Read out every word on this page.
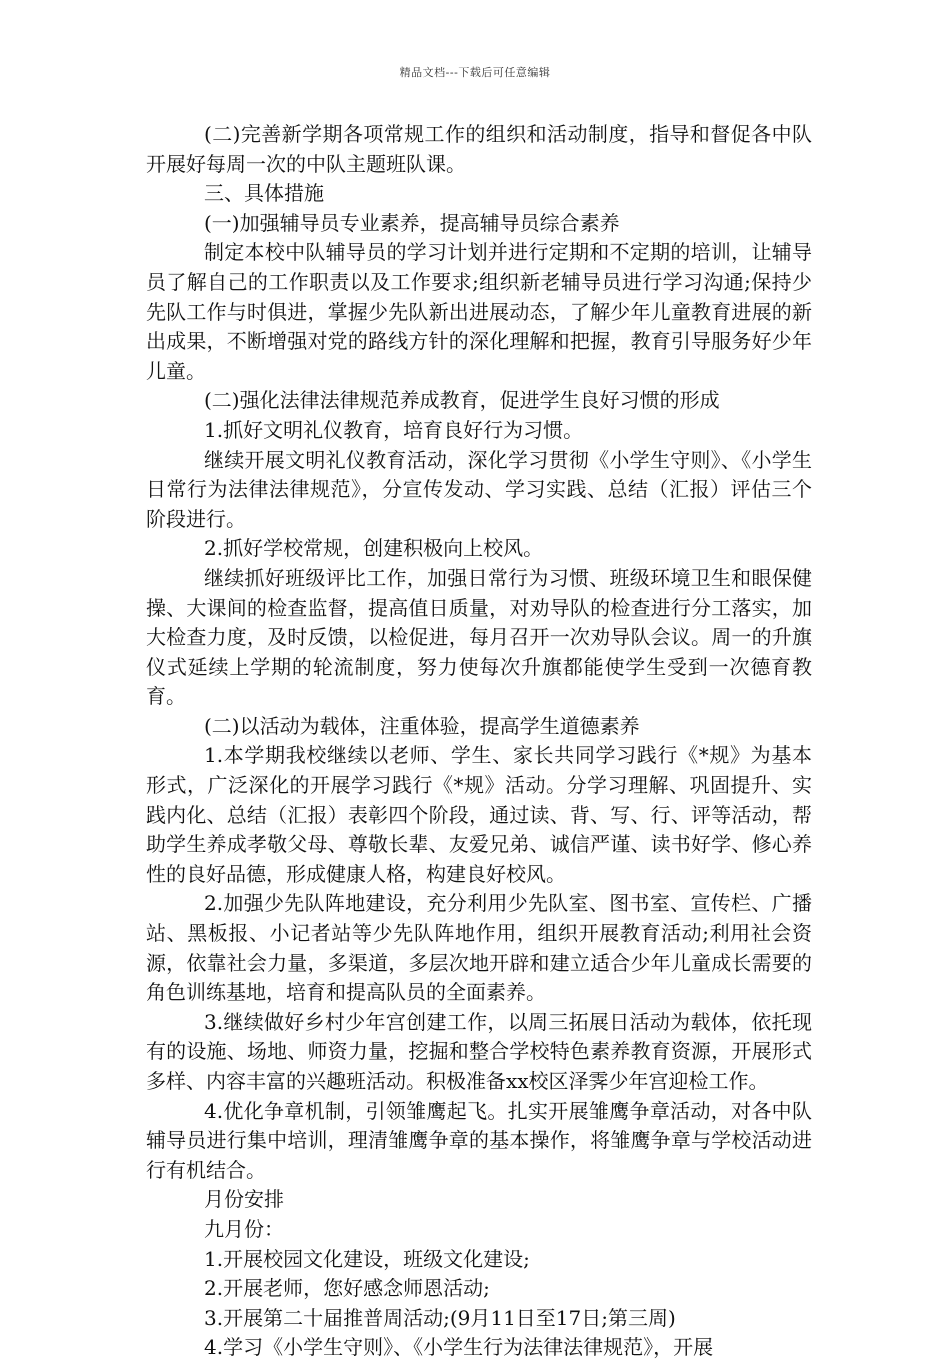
精品文档---下载后可任意编辑

(二)完善新学期各项常规工作的组织和活动制度，指导和督促各中队开展好每周一次的中队主题班队课。

三、具体措施

(一)加强辅导员专业素养，提高辅导员综合素养

制定本校中队辅导员的学习计划并进行定期和不定期的培训，让辅导员了解自己的工作职责以及工作要求;组织新老辅导员进行学习沟通;保持少先队工作与时俱进，掌握少先队新出进展动态，了解少年儿童教育进展的新出成果，不断增强对党的路线方针的深化理解和把握，教育引导服务好少年儿童。

(二)强化法律法律规范养成教育，促进学生良好习惯的形成

1.抓好文明礼仪教育，培育良好行为习惯。

继续开展文明礼仪教育活动，深化学习贯彻《小学生守则》、《小学生日常行为法律法律规范》，分宣传发动、学习实践、总结（汇报）评估三个阶段进行。

2.抓好学校常规，创建积极向上校风。

继续抓好班级评比工作，加强日常行为习惯、班级环境卫生和眼保健操、大课间的检查监督，提高值日质量，对劝导队的检查进行分工落实，加大检查力度，及时反馈，以检促进，每月召开一次劝导队会议。周一的升旗仪式延续上学期的轮流制度，努力使每次升旗都能使学生受到一次德育教育。

(二)以活动为载体，注重体验，提高学生道德素养

1.本学期我校继续以老师、学生、家长共同学习践行《*规》为基本形式，广泛深化的开展学习践行《*规》活动。分学习理解、巩固提升、实践内化、总结（汇报）表彰四个阶段，通过读、背、写、行、评等活动，帮助学生养成孝敬父母、尊敬长辈、友爱兄弟、诚信严谨、读书好学、修心养性的良好品德，形成健康人格，构建良好校风。

2.加强少先队阵地建设，充分利用少先队室、图书室、宣传栏、广播站、黑板报、小记者站等少先队阵地作用，组织开展教育活动;利用社会资源，依靠社会力量，多渠道，多层次地开辟和建立适合少年儿童成长需要的角色训练基地，培育和提高队员的全面素养。

3.继续做好乡村少年宫创建工作，以周三拓展日活动为载体，依托现有的设施、场地、师资力量，挖掘和整合学校特色素养教育资源，开展形式多样、内容丰富的兴趣班活动。积极准备xx校区泽霁少年宫迎检工作。

4.优化争章机制，引领雏鹰起飞。扎实开展雏鹰争章活动，对各中队辅导员进行集中培训，理清雏鹰争章的基本操作，将雏鹰争章与学校活动进行有机结合。

月份安排

九月份：

1.开展校园文化建设，班级文化建设;

2.开展老师，您好感念师恩活动;

3.开展第二十届推普周活动;(9月11日至17日;第三周)

4.学习《小学生守则》、《小学生行为法律法律规范》，开展
